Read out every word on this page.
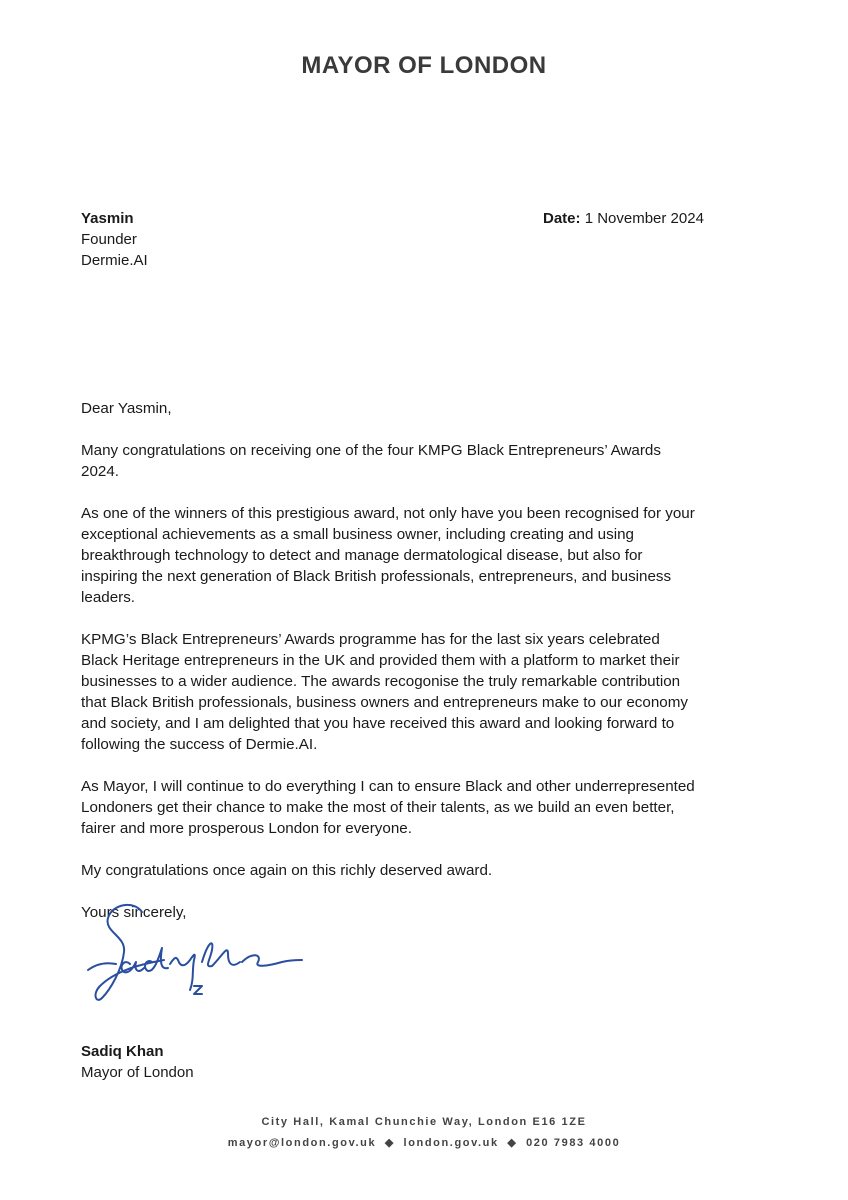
MAYOR OF LONDON
Yasmin
Founder
Dermie.AI
Date: 1 November 2024

Dear Yasmin,

Many congratulations on receiving one of the four KMPG Black Entrepreneurs’ Awards 2024.

As one of the winners of this prestigious award, not only have you been recognised for your exceptional achievements as a small business owner, including creating and using breakthrough technology to detect and manage dermatological disease, but also for inspiring the next generation of Black British professionals, entrepreneurs, and business leaders.

KPMG’s Black Entrepreneurs’ Awards programme has for the last six years celebrated Black Heritage entrepreneurs in the UK and provided them with a platform to market their businesses to a wider audience. The awards recogonise the truly remarkable contribution that Black British professionals, business owners and entrepreneurs make to our economy and society, and I am delighted that you have received this award and looking forward to following the success of Dermie.AI.

As Mayor, I will continue to do everything I can to ensure Black and other underrepresented Londoners get their chance to make the most of their talents, as we build an even better, fairer and more prosperous London for everyone.

My congratulations once again on this richly deserved award.

Yours sincerely,

Sadiq Khan
Mayor of London
City Hall, Kamal Chunchie Way, London E16 1ZE
mayor@london.gov.uk ◆ london.gov.uk ◆ 020 7983 4000
